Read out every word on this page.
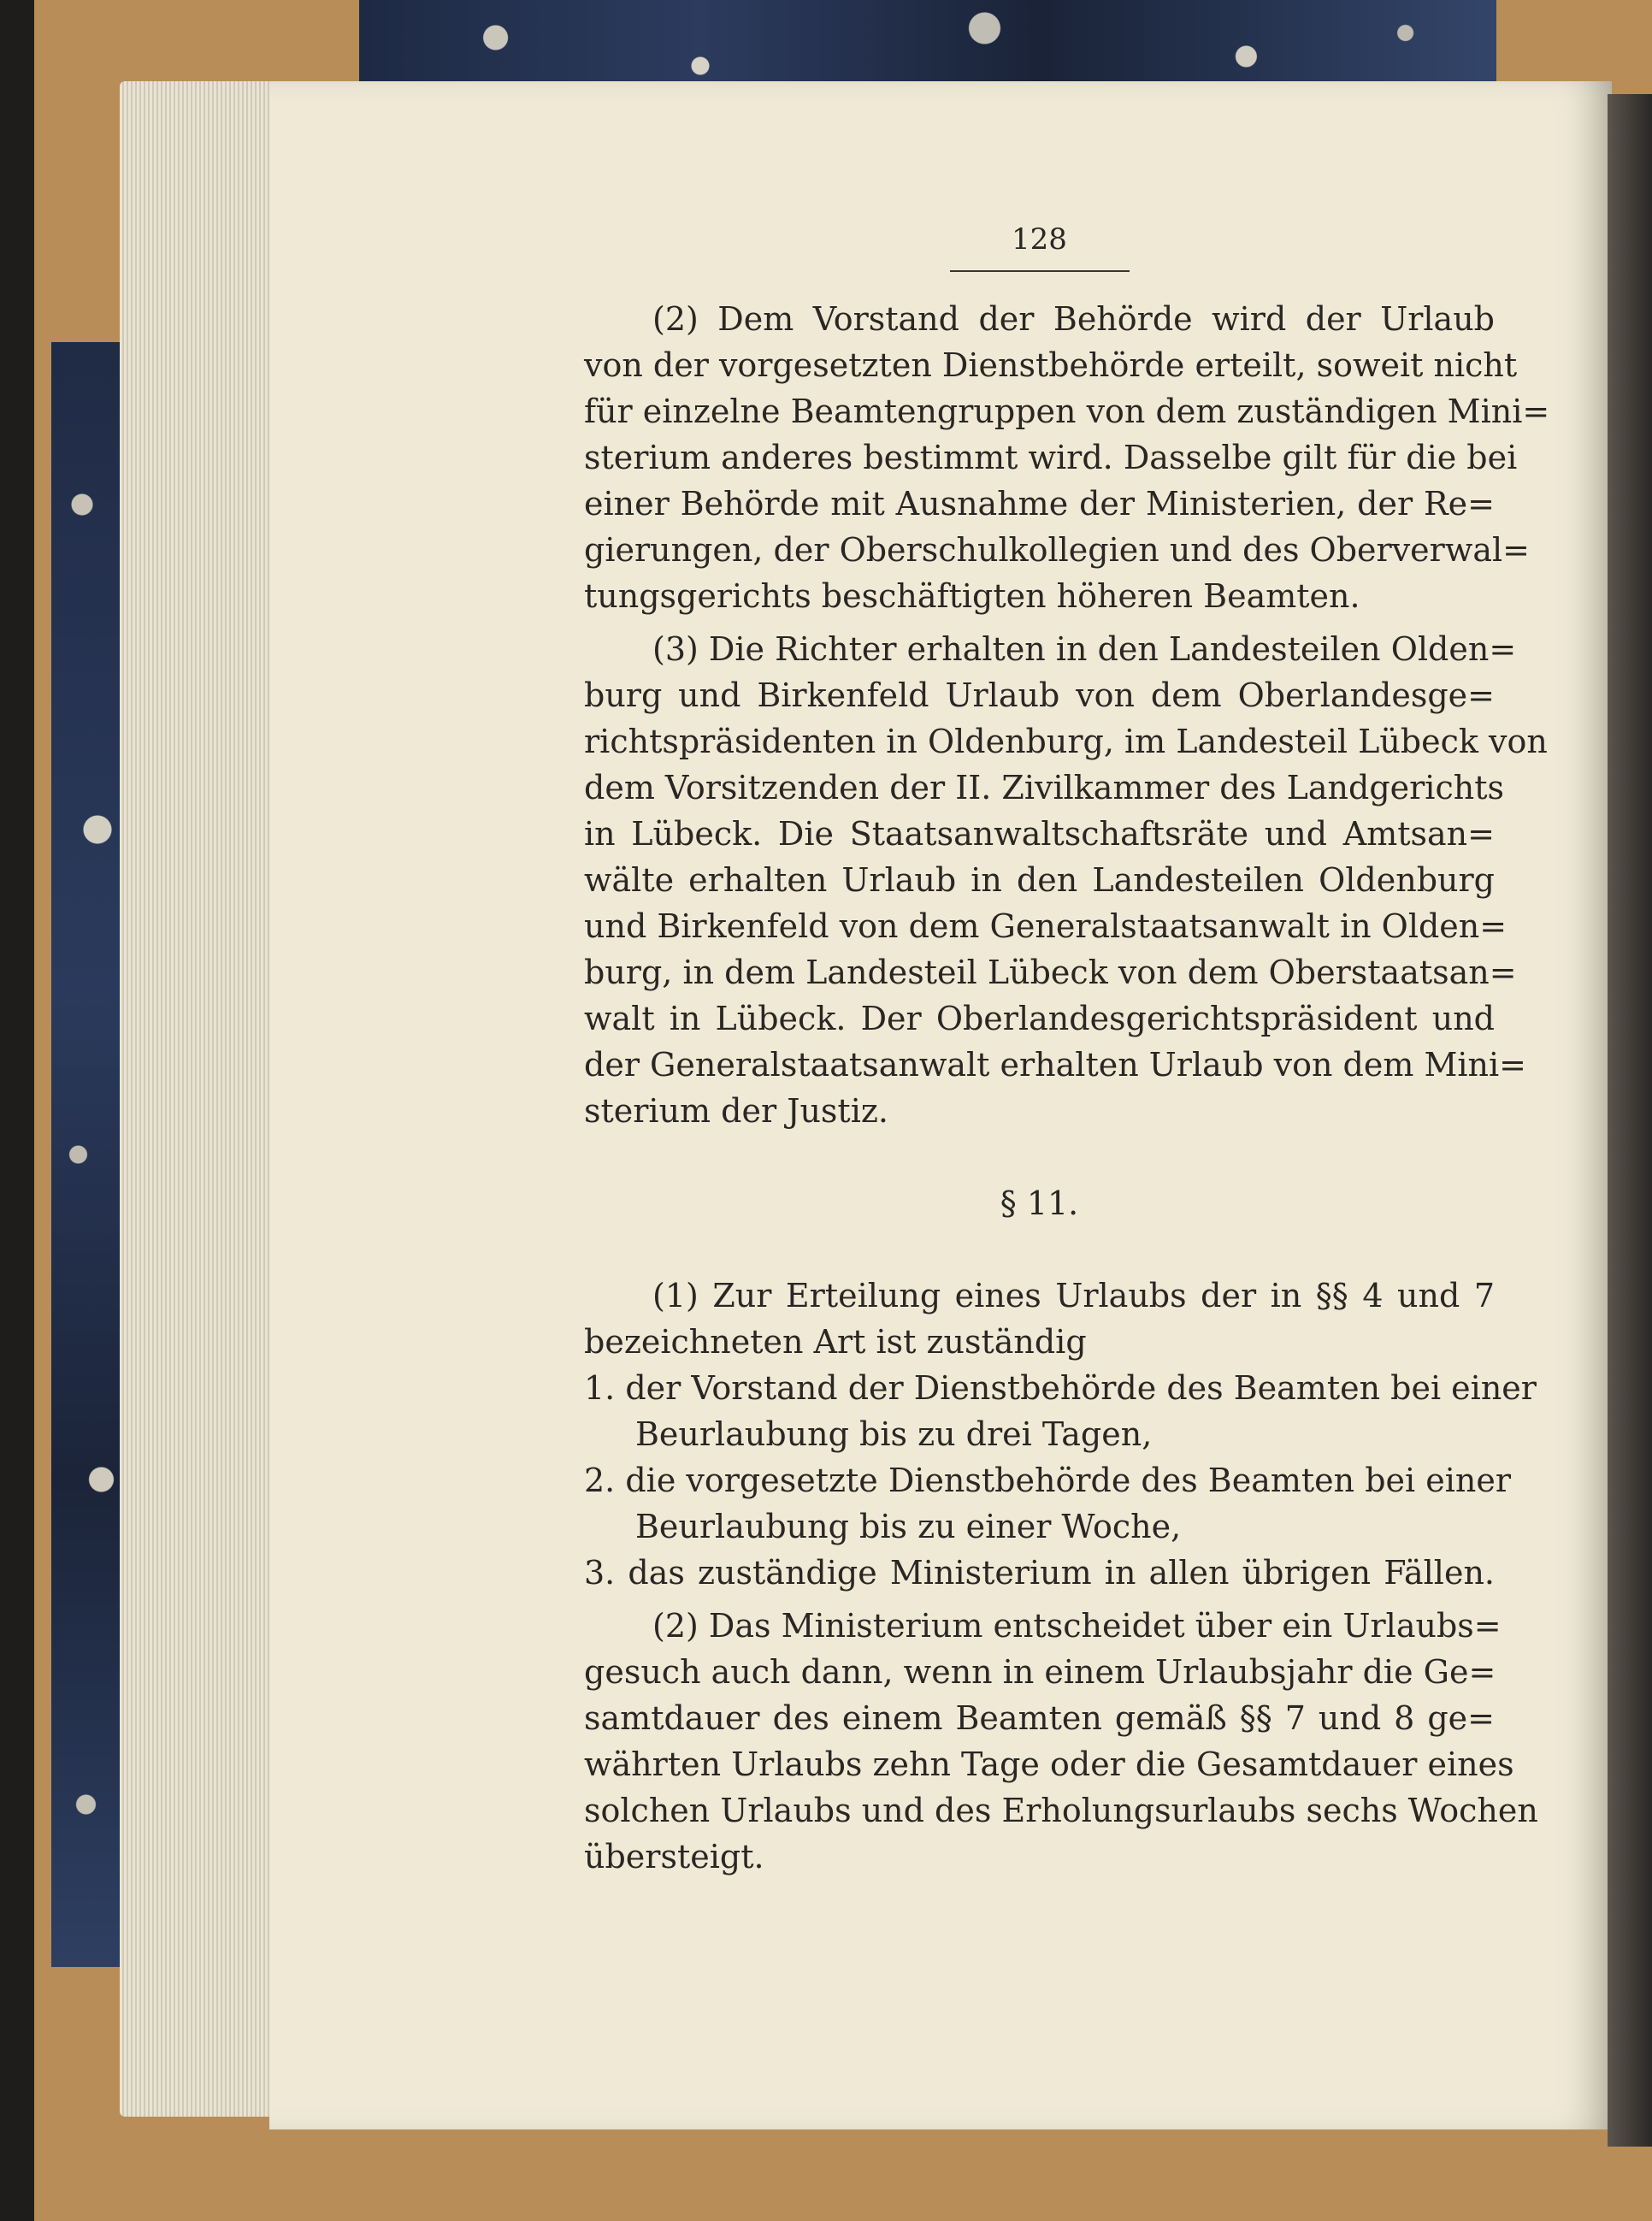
128
(2) Dem Vorstand der Behörde wird der Urlaub
von der vorgesetzten Dienstbehörde erteilt, soweit nicht
für einzelne Beamtengruppen von dem zuständigen Mini=
sterium anderes bestimmt wird. Dasselbe gilt für die bei
einer Behörde mit Ausnahme der Ministerien, der Re=
gierungen, der Oberschulkollegien und des Oberverwal=
tungsgerichts beschäftigten höheren Beamten.
(3) Die Richter erhalten in den Landesteilen Olden=
burg und Birkenfeld Urlaub von dem Oberlandesge=
richtspräsidenten in Oldenburg, im Landesteil Lübeck von
dem Vorsitzenden der II. Zivilkammer des Landgerichts
in Lübeck. Die Staatsanwaltschaftsräte und Amtsan=
wälte erhalten Urlaub in den Landesteilen Oldenburg
und Birkenfeld von dem Generalstaatsanwalt in Olden=
burg, in dem Landesteil Lübeck von dem Oberstaatsan=
walt in Lübeck. Der Oberlandesgerichtspräsident und
der Generalstaatsanwalt erhalten Urlaub von dem Mini=
sterium der Justiz.
§ 11.
(1) Zur Erteilung eines Urlaubs der in §§ 4 und 7
bezeichneten Art ist zuständig
1. der Vorstand der Dienstbehörde des Beamten bei einer
Beurlaubung bis zu drei Tagen,
2. die vorgesetzte Dienstbehörde des Beamten bei einer
Beurlaubung bis zu einer Woche,
3. das zuständige Ministerium in allen übrigen Fällen.
(2) Das Ministerium entscheidet über ein Urlaubs=
gesuch auch dann, wenn in einem Urlaubsjahr die Ge=
samtdauer des einem Beamten gemäß §§ 7 und 8 ge=
währten Urlaubs zehn Tage oder die Gesamtdauer eines
solchen Urlaubs und des Erholungsurlaubs sechs Wochen
übersteigt.
